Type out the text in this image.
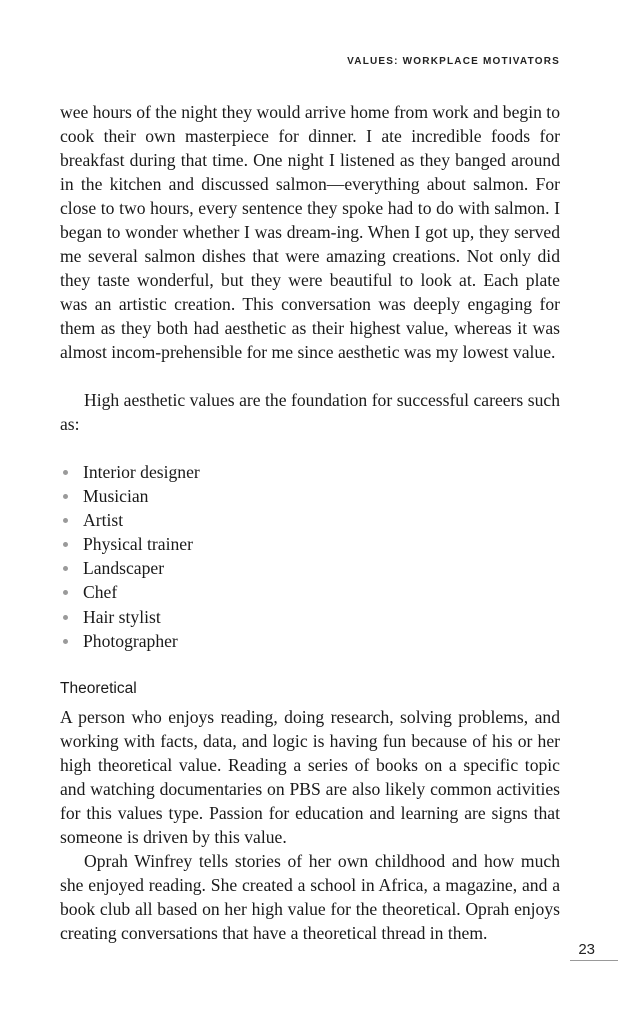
VALUES: WORKPLACE MOTIVATORS

wee hours of the night they would arrive home from work and begin to cook their own masterpiece for dinner. I ate incredible foods for breakfast during that time. One night I listened as they banged around in the kitchen and discussed salmon—everything about salmon. For close to two hours, every sentence they spoke had to do with salmon. I began to wonder whether I was dream-ing. When I got up, they served me several salmon dishes that were amazing creations. Not only did they taste wonderful, but they were beautiful to look at. Each plate was an artistic creation. This conversation was deeply engaging for them as they both had aesthetic as their highest value, whereas it was almost incom-prehensible for me since aesthetic was my lowest value.

High aesthetic values are the foundation for successful careers such as:

Interior designer
Musician
Artist
Physical trainer
Landscaper
Chef
Hair stylist
Photographer
Theoretical

A person who enjoys reading, doing research, solving problems, and working with facts, data, and logic is having fun because of his or her high theoretical value. Reading a series of books on a specific topic and watching documentaries on PBS are also likely common activities for this values type. Passion for education and learning are signs that someone is driven by this value.

Oprah Winfrey tells stories of her own childhood and how much she enjoyed reading. She created a school in Africa, a magazine, and a book club all based on her high value for the theoretical. Oprah enjoys creating conversations that have a theoretical thread in them.

23
